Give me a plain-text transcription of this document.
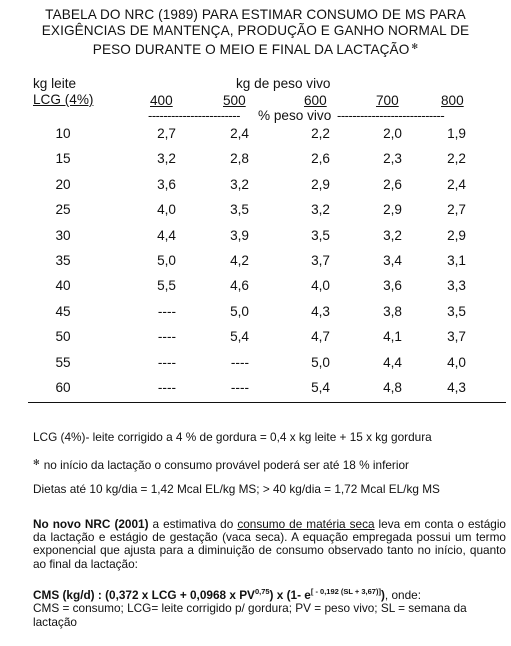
TABELA DO NRC (1989) PARA ESTIMAR CONSUMO DE MS PARA
EXIGÊNCIAS DE MANTENÇA, PRODUÇÃO E GANHO NORMAL DE
PESO DURANTE O MEIO E FINAL DA LACTAÇÃO ✻
kg leite
LCG (4%)
kg de peso vivo
400	500	600	700	800
------------------------ % peso vivo ----------------------------
10	2,7	2,4	2,2	2,0	1,9
15	3,2	2,8	2,6	2,3	2,2
20	3,6	3,2	2,9	2,6	2,4
25	4,0	3,5	3,2	2,9	2,7
30	4,4	3,9	3,5	3,2	2,9
35	5,0	4,2	3,7	3,4	3,1
40	5,5	4,6	4,0	3,6	3,3
45	----	5,0	4,3	3,8	3,5
50	----	5,4	4,7	4,1	3,7
55	----	----	5,0	4,4	4,0
60	----	----	5,4	4,8	4,3
LCG (4%)- leite corrigido a 4 % de gordura = 0,4 x kg leite + 15 x kg gordura
✻ no início da lactação o consumo provável poderá ser até 18 % inferior
Dietas até 10 kg/dia = 1,42 Mcal EL/kg MS; > 40 kg/dia = 1,72 Mcal EL/kg MS
No novo NRC (2001) a estimativa do consumo de matéria seca leva em conta o estágio da lactação e estágio de gestação (vaca seca). A equação empregada possui um termo exponencial que ajusta para a diminuição de consumo observado tanto no início, quanto ao final da lactação:
CMS (kg/d) : (0,372 x LCG + 0,0968 x PV$^{0,75}$) x (1- e[ - 0,192 (SL + 3,67)]), onde:
CMS = consumo; LCG= leite corrigido p/ gordura; PV = peso vivo; SL = semana da lactação
